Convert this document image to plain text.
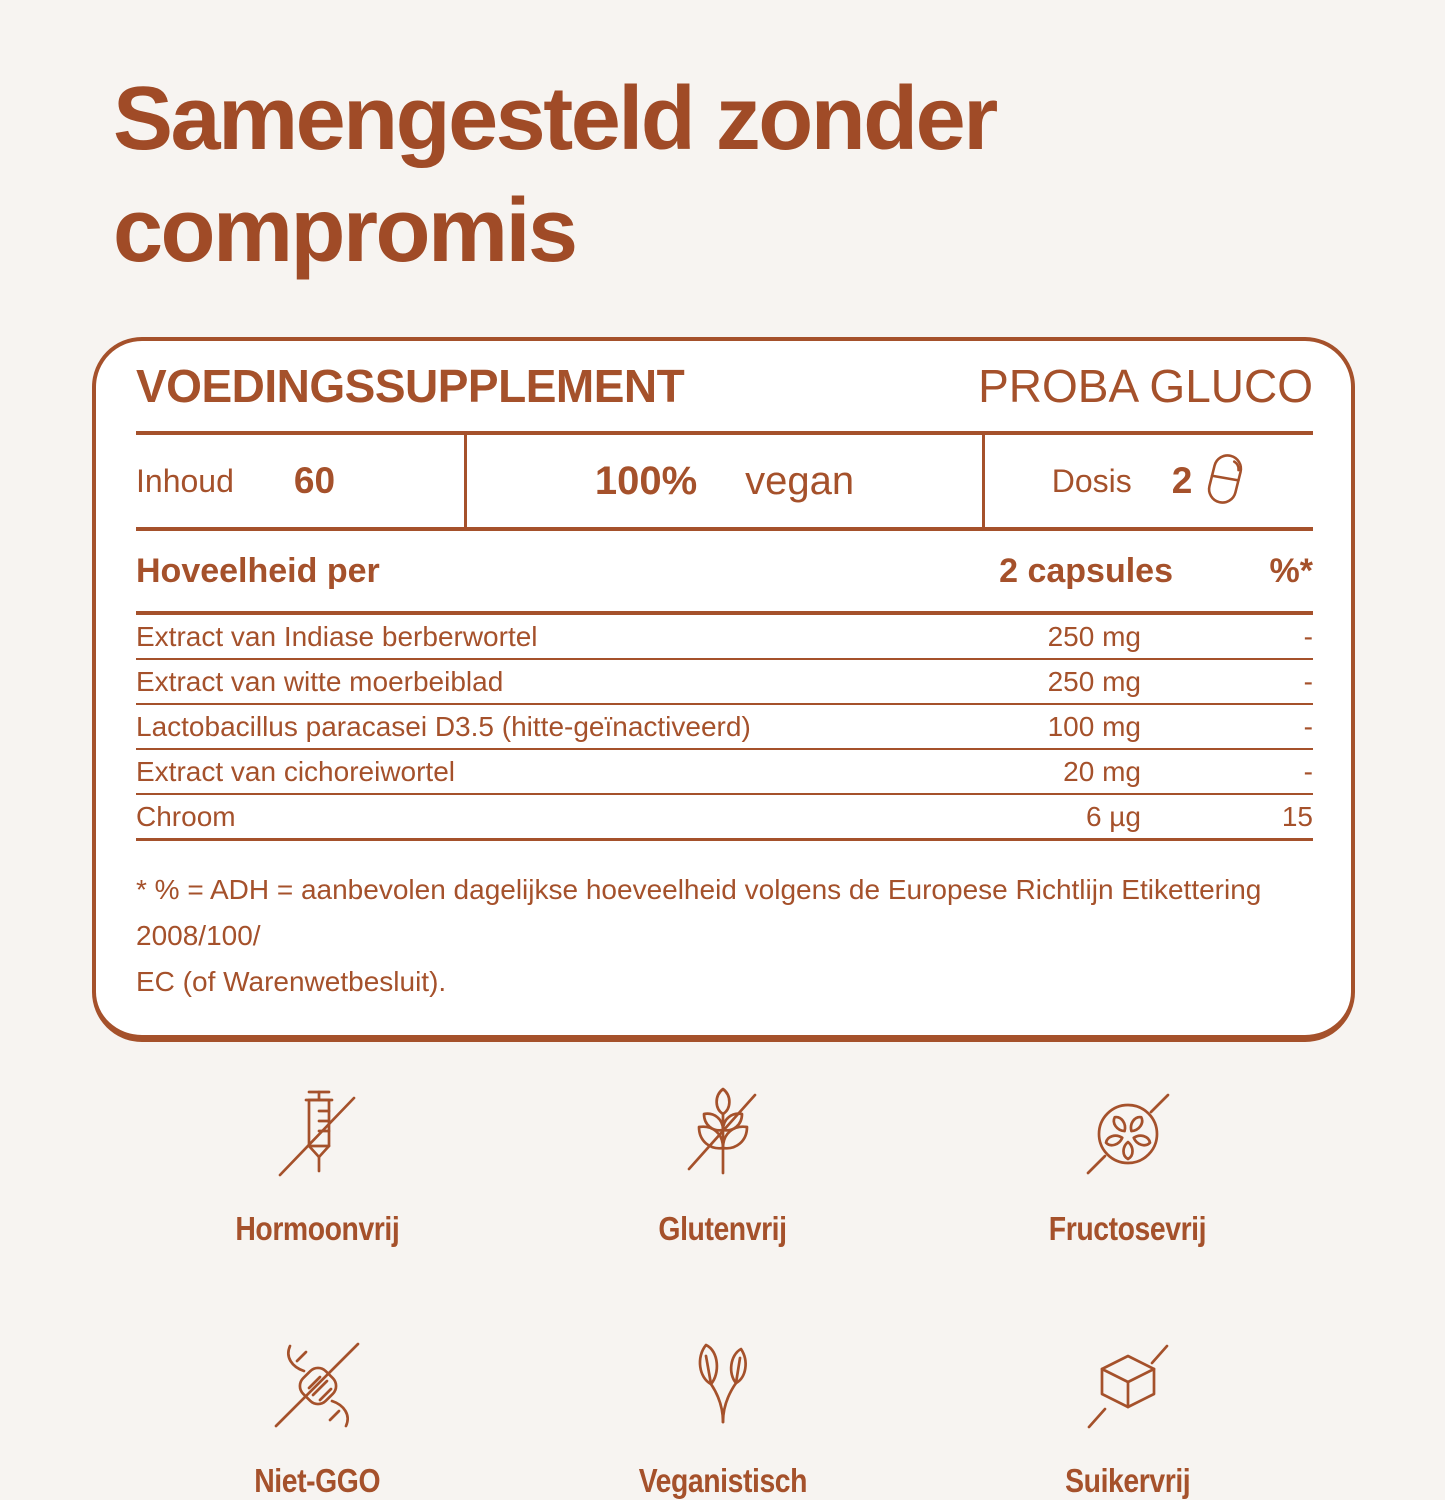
Samengesteld zonder
compromis
VOEDINGSSUPPLEMENT	PROBA GLUCO
Inhoud 60	100% vegan	Dosis 2
Hoveelheid per	2 capsules	%*
Extract van Indiase berberwortel	250 mg	-
Extract van witte moerbeiblad	250 mg	-
Lactobacillus paracasei D3.5 (hitte-geïnactiveerd)	100 mg	-
Extract van cichoreiwortel	20 mg	-
Chroom	6 µg	15
* % = ADH = aanbevolen dagelijkse hoeveelheid volgens de Europese Richtlijn Etikettering 2008/100/
EC (of Warenwetbesluit).
Hormoonvrij	Glutenvrij	Fructosevrij
Niet-GGO	Veganistisch	Suikervrij
